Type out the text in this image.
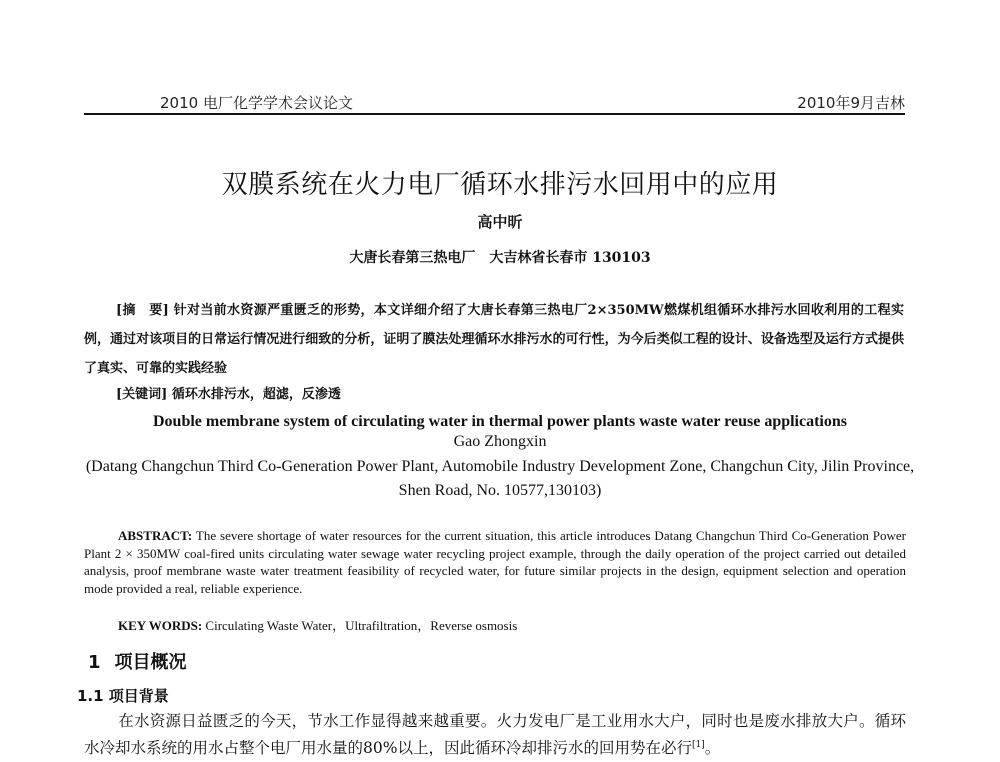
2010 电厂化学学术会议论文	2010年9月吉林
双膜系统在火力电厂循环水排污水回用中的应用
高中昕
大唐长春第三热电厂　大吉林省长春市 130103
[摘　要] 针对当前水资源严重匮乏的形势，本文详细介绍了大唐长春第三热电厂2×350MW燃煤机组循环水排污水回收利用的工程实例，通过对该项目的日常运行情况进行细致的分析，证明了膜法处理循环水排污水的可行性，为今后类似工程的设计、设备选型及运行方式提供了真实、可靠的实践经验
[关键词] 循环水排污水，超滤，反渗透
Double membrane system of circulating water in thermal power plants waste water reuse applications
Gao Zhongxin
(Datang Changchun Third Co-Generation Power Plant, Automobile Industry Development Zone, Changchun City, Jilin Province, Shen Road, No. 10577,130103)
ABSTRACT: The severe shortage of water resources for the current situation, this article introduces Datang Changchun Third Co-Generation Power Plant 2 × 350MW coal-fired units circulating water sewage water recycling project example, through the daily operation of the project carried out detailed analysis, proof membrane waste water treatment feasibility of recycled water, for future similar projects in the design, equipment selection and operation mode provided a real, reliable experience.
KEY WORDS: Circulating Waste Water，Ultrafiltration，Reverse osmosis
1 项目概况
1.1 项目背景
在水资源日益匮乏的今天，节水工作显得越来越重要。火力发电厂是工业用水大户，同时也是废水排放大户。循环水冷却水系统的用水占整个电厂用水量的80%以上，因此循环冷却排污水的回用势在必行[1]。
